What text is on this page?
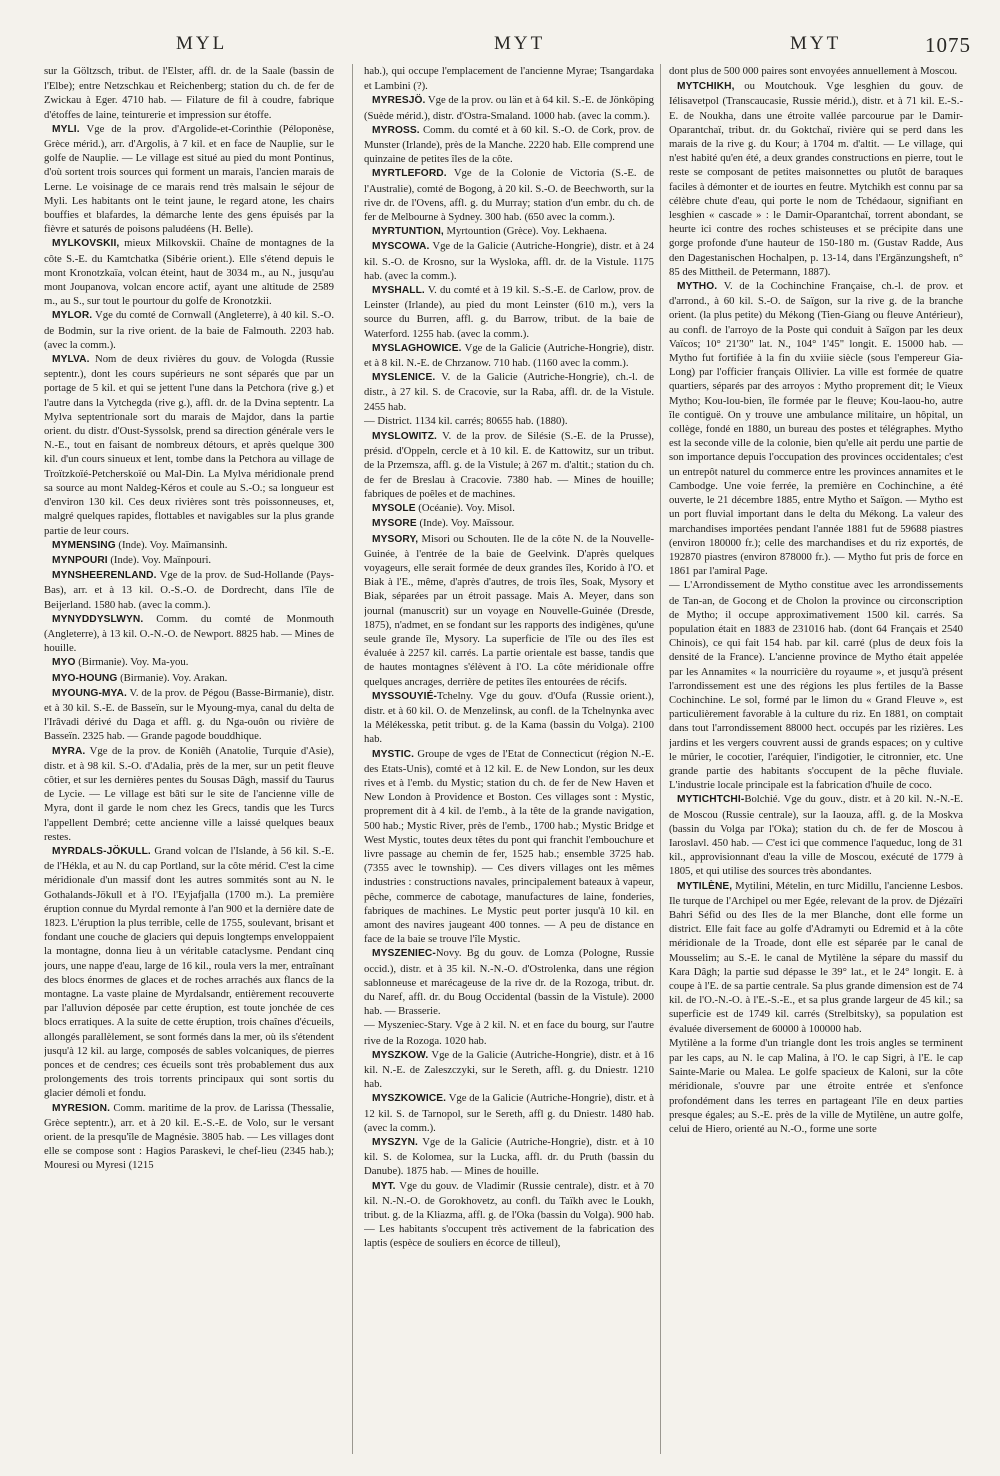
MYL	MYT	MYT	1075

sur la Göltzsch, tribut. de l'Elster, affl. dr. de la Saale (bassin de l'Elbe); entre Netzschkau et Reichenberg; station du ch. de fer de Zwickau à Eger. 4710 hab. — Filature de fil à coudre, fabrique d'étoffes de laine, teinturerie et impression sur étoffe.

MYLI. Vge de la prov. d'Argolide-et-Corinthie (Péloponèse, Grèce mérid.), arr. d'Argolis, à 7 kil. et en face de Nauplie, sur le golfe de Nauplie. — Le village est situé au pied du mont Pontinus, d'où sortent trois sources qui forment un marais, l'ancien marais de Lerne. Le voisinage de ce marais rend très malsain le séjour de Myli. Les habitants ont le teint jaune, le regard atone, les chairs bouffies et blafardes, la démarche lente des gens épuisés par la fièvre et saturés de poisons paludéens (H. Belle).

MYLKOVSKII, mieux Milkovskii. Chaîne de montagnes de la côte S.-E. du Kamtchatka (Sibérie orient.). Elle s'étend depuis le mont Kronotzkaïa, volcan éteint, haut de 3034 m., au N., jusqu'au mont Joupanova, volcan encore actif, ayant une altitude de 2589 m., au S., sur tout le pourtour du golfe de Kronotzkii.

MYLOR. Vge du comté de Cornwall (Angleterre), à 40 kil. S.-O. de Bodmin, sur la rive orient. de la baie de Falmouth. 2203 hab. (avec la comm.).

MYLVA. Nom de deux rivières du gouv. de Vologda (Russie septentr.), dont les cours supérieurs ne sont séparés que par un portage de 5 kil. et qui se jettent l'une dans la Petchora (rive g.) et l'autre dans la Vytchegda (rive g.), affl. dr. de la Dvina septentr. La Mylva septentrionale sort du marais de Majdor, dans la partie orient. du distr. d'Oust-Syssolsk, prend sa direction générale vers le N.-E., tout en faisant de nombreux détours, et après quelque 300 kil. d'un cours sinueux et lent, tombe dans la Petchora au village de Troïtzkoïé-Petcherskoïé ou Mal-Din. La Mylva méridionale prend sa source au mont Naldeg-Kéros et coule au S.-O.; sa longueur est d'environ 130 kil. Ces deux rivières sont très poissonneuses, et, malgré quelques rapides, flottables et navigables sur la plus grande partie de leur cours.

MYMENSING (Inde). Voy. Maïmansinh.

MYNPOURI (Inde). Voy. Maïnpouri.

MYNSHEERENLAND. Vge de la prov. de Sud-Hollande (Pays-Bas), arr. et à 13 kil. O.-S.-O. de Dordrecht, dans l'île de Beijerland. 1580 hab. (avec la comm.).

MYNYDDYSLWYN. Comm. du comté de Monmouth (Angleterre), à 13 kil. O.-N.-O. de Newport. 8825 hab. — Mines de houille.

MYO (Birmanie). Voy. Ma-you.

MYO-HOUNG (Birmanie). Voy. Arakan.

MYOUNG-MYA. V. de la prov. de Pégou (Basse-Birmanie), distr. et à 30 kil. S.-E. de Basseïn, sur le Myoung-mya, canal du delta de l'Irâvadi dérivé du Daga et affl. g. du Nga-ouôn ou rivière de Basseïn. 2325 hab. — Grande pagode bouddhique.

MYRA. Vge de la prov. de Koniêh (Anatolie, Turquie d'Asie), distr. et à 98 kil. S.-O. d'Adalia, près de la mer, sur un petit fleuve côtier, et sur les dernières pentes du Sousas Dâgh, massif du Taurus de Lycie. — Le village est bâti sur le site de l'ancienne ville de Myra, dont il garde le nom chez les Grecs, tandis que les Turcs l'appellent Dembré; cette ancienne ville a laissé quelques beaux restes.

MYRDALS-JÖKULL. Grand volcan de l'Islande, à 56 kil. S.-E. de l'Hékla, et au N. du cap Portland, sur la côte mérid. C'est la cime méridionale d'un massif dont les autres sommités sont au N. le Gothalands-Jökull et à l'O. l'Eyjafjalla (1700 m.). La première éruption connue du Myrdal remonte à l'an 900 et la dernière date de 1823. L'éruption la plus terrible, celle de 1755, soulevant, brisant et fondant une couche de glaciers qui depuis longtemps enveloppaient la montagne, donna lieu à un véritable cataclysme. Pendant cinq jours, une nappe d'eau, large de 16 kil., roula vers la mer, entraînant des blocs énormes de glaces et de roches arrachés aux flancs de la montagne. La vaste plaine de Myrdalsandr, entièrement recouverte par l'alluvion déposée par cette éruption, est toute jonchée de ces blocs erratiques. A la suite de cette éruption, trois chaînes d'écueils, allongés parallèlement, se sont formés dans la mer, où ils s'étendent jusqu'à 12 kil. au large, composés de sables volcaniques, de pierres ponces et de cendres; ces écueils sont très probablement dus aux prolongements des trois torrents principaux qui sont sortis du glacier démoli et fondu.

MYRESION. Comm. maritime de la prov. de Larissa (Thessalie, Grèce septentr.), arr. et à 20 kil. E.-S.-E. de Volo, sur le versant orient. de la presqu'île de Magnésie. 3805 hab. — Les villages dont elle se compose sont : Hagios Paraskevi, le chef-lieu (2345 hab.); Mouresi ou Myresi (1215

hab.), qui occupe l'emplacement de l'ancienne Myrae; Tsangardaka et Lambini (?).

MYRESJÖ. Vge de la prov. ou län et à 64 kil. S.-E. de Jönköping (Suède mérid.), distr. d'Ostra-Smaland. 1000 hab. (avec la comm.).

MYROSS. Comm. du comté et à 60 kil. S.-O. de Cork, prov. de Munster (Irlande), près de la Manche. 2220 hab. Elle comprend une quinzaine de petites îles de la côte.

MYRTLEFORD. Vge de la Colonie de Victoria (S.-E. de l'Australie), comté de Bogong, à 20 kil. S.-O. de Beechworth, sur la rive dr. de l'Ovens, affl. g. du Murray; station d'un embr. du ch. de fer de Melbourne à Sydney. 300 hab. (650 avec la comm.).

MYRTUNTION, Myrtountion (Grèce). Voy. Lekhaena.

MYSCOWA. Vge de la Galicie (Autriche-Hongrie), distr. et à 24 kil. S.-O. de Krosno, sur la Wysloka, affl. dr. de la Vistule. 1175 hab. (avec la comm.).

MYSHALL. V. du comté et à 19 kil. S.-S.-E. de Carlow, prov. de Leinster (Irlande), au pied du mont Leinster (610 m.), vers la source du Burren, affl. g. du Barrow, tribut. de la baie de Waterford. 1255 hab. (avec la comm.).

MYSLAGHOWICE. Vge de la Galicie (Autriche-Hongrie), distr. et à 8 kil. N.-E. de Chrzanow. 710 hab. (1160 avec la comm.).

MYSLENICE. V. de la Galicie (Autriche-Hongrie), ch.-l. de distr., à 27 kil. S. de Cracovie, sur la Raba, affl. dr. de la Vistule. 2455 hab.

— District. 1134 kil. carrés; 80655 hab. (1880).

MYSLOWITZ. V. de la prov. de Silésie (S.-E. de la Prusse), présid. d'Oppeln, cercle et à 10 kil. E. de Kattowitz, sur un tribut. de la Przemsza, affl. g. de la Vistule; à 267 m. d'altit.; station du ch. de fer de Breslau à Cracovie. 7380 hab. — Mines de houille; fabriques de poêles et de machines.

MYSOLE (Océanie). Voy. Misol.

MYSORE (Inde). Voy. Maïssour.

MYSORY, Misori ou Schouten. Ile de la côte N. de la Nouvelle-Guinée, à l'entrée de la baie de Geelvink. D'après quelques voyageurs, elle serait formée de deux grandes îles, Korido à l'O. et Biak à l'E., même, d'après d'autres, de trois îles, Soak, Mysory et Biak, séparées par un étroit passage. Mais A. Meyer, dans son journal (manuscrit) sur un voyage en Nouvelle-Guinée (Dresde, 1875), n'admet, en se fondant sur les rapports des indigènes, qu'une seule grande île, Mysory. La superficie de l'île ou des îles est évaluée à 2257 kil. carrés. La partie orientale est basse, tandis que de hautes montagnes s'élèvent à l'O. La côte méridionale offre quelques ancrages, derrière de petites îles entourées de récifs.

MYSSOUYIÉ-Tchelny. Vge du gouv. d'Oufa (Russie orient.), distr. et à 60 kil. O. de Menzelinsk, au confl. de la Tchelnynka avec la Mélékesska, petit tribut. g. de la Kama (bassin du Volga). 2100 hab.

MYSTIC. Groupe de vges de l'Etat de Connecticut (région N.-E. des Etats-Unis), comté et à 12 kil. E. de New London, sur les deux rives et à l'emb. du Mystic; station du ch. de fer de New Haven et New London à Providence et Boston. Ces villages sont : Mystic, proprement dit à 4 kil. de l'emb., à la tête de la grande navigation, 500 hab.; Mystic River, près de l'emb., 1700 hab.; Mystic Bridge et West Mystic, toutes deux têtes du pont qui franchit l'embouchure et livre passage au chemin de fer, 1525 hab.; ensemble 3725 hab. (7355 avec le township). — Ces divers villages ont les mêmes industries : constructions navales, principalement bateaux à vapeur, pêche, commerce de cabotage, manufactures de laine, fonderies, fabriques de machines. Le Mystic peut porter jusqu'à 10 kil. en amont des navires jaugeant 400 tonnes. — A peu de distance en face de la baie se trouve l'île Mystic.

MYSZENIEC-Novy. Bg du gouv. de Lomza (Pologne, Russie occid.), distr. et à 35 kil. N.-N.-O. d'Ostrolenka, dans une région sablonneuse et marécageuse de la rive dr. de la Rozoga, tribut. dr. du Naref, affl. dr. du Boug Occidental (bassin de la Vistule). 2000 hab. — Brasserie.

— Myszeniec-Stary. Vge à 2 kil. N. et en face du bourg, sur l'autre rive de la Rozoga. 1020 hab.

MYSZKOW. Vge de la Galicie (Autriche-Hongrie), distr. et à 16 kil. N.-E. de Zaleszczyki, sur le Sereth, affl. g. du Dniestr. 1210 hab.

MYSZKOWICE. Vge de la Galicie (Autriche-Hongrie), distr. et à 12 kil. S. de Tarnopol, sur le Sereth, affl g. du Dniestr. 1480 hab. (avec la comm.).

MYSZYN. Vge de la Galicie (Autriche-Hongrie), distr. et à 10 kil. S. de Kolomea, sur la Lucka, affl. dr. du Pruth (bassin du Danube). 1875 hab. — Mines de houille.

MYT. Vge du gouv. de Vladimir (Russie centrale), distr. et à 70 kil. N.-N.-O. de Gorokhovetz, au confl. du Taïkh avec le Loukh, tribut. g. de la Kliazma, affl. g. de l'Oka (bassin du Volga). 900 hab. — Les habitants s'occupent très activement de la fabrication des laptis (espèce de souliers en écorce de tilleul),

dont plus de 500 000 paires sont envoyées annuellement à Moscou.

MYTCHIKH, ou Moutchouk. Vge lesghien du gouv. de Iélisavetpol (Transcaucasie, Russie mérid.), distr. et à 71 kil. E.-S.-E. de Noukha, dans une étroite vallée parcourue par le Damir-Oparantchaï, tribut. dr. du Goktchaï, rivière qui se perd dans les marais de la rive g. du Kour; à 1704 m. d'altit. — Le village, qui n'est habité qu'en été, a deux grandes constructions en pierre, tout le reste se composant de petites maisonnettes ou plutôt de baraques faciles à démonter et de iourtes en feutre. Mytchikh est connu par sa célèbre chute d'eau, qui porte le nom de Tchédaour, signifiant en lesghien « cascade » : le Damir-Oparantchaï, torrent abondant, se heurte ici contre des roches schisteuses et se précipite dans une gorge profonde d'une hauteur de 150-180 m. (Gustav Radde, Aus den Dagestanischen Hochalpen, p. 13-14, dans l'Ergänzungsheft, n° 85 des Mittheil. de Petermann, 1887).

MYTHO. V. de la Cochinchine Française, ch.-l. de prov. et d'arrond., à 60 kil. S.-O. de Saïgon, sur la rive g. de la branche orient. (la plus petite) du Mékong (Tien-Giang ou fleuve Antérieur), au confl. de l'arroyo de la Poste qui conduit à Saïgon par les deux Vaïcos; 10° 21'30" lat. N., 104° 1'45" longit. E. 15000 hab. — Mytho fut fortifiée à la fin du xviiie siècle (sous l'empereur Gia-Long) par l'officier français Ollivier. La ville est formée de quatre quartiers, séparés par des arroyos : Mytho proprement dit; le Vieux Mytho; Kou-lou-bien, île formée par le fleuve; Kou-laou-ho, autre île contiguë. On y trouve une ambulance militaire, un hôpital, un collège, fondé en 1880, un bureau des postes et télégraphes. Mytho est la seconde ville de la colonie, bien qu'elle ait perdu une partie de son importance depuis l'occupation des provinces occidentales; c'est un entrepôt naturel du commerce entre les provinces annamites et le Cambodge. Une voie ferrée, la première en Cochinchine, a été ouverte, le 21 décembre 1885, entre Mytho et Saïgon. — Mytho est un port fluvial important dans le delta du Mékong. La valeur des marchandises importées pendant l'année 1881 fut de 59688 piastres (environ 180000 fr.); celle des marchandises et du riz exportés, de 192870 piastres (environ 878000 fr.). — Mytho fut pris de force en 1861 par l'amiral Page.

— L'Arrondissement de Mytho constitue avec les arrondissements de Tan-an, de Gocong et de Cholon la province ou circonscription de Mytho; il occupe approximativement 1500 kil. carrés. Sa population était en 1883 de 231016 hab. (dont 64 Français et 2540 Chinois), ce qui fait 154 hab. par kil. carré (plus de deux fois la densité de la France). L'ancienne province de Mytho était appelée par les Annamites « la nourricière du royaume », et jusqu'à présent l'arrondissement est une des régions les plus fertiles de la Basse Cochinchine. Le sol, formé par le limon du « Grand Fleuve », est particulièrement favorable à la culture du riz. En 1881, on comptait dans tout l'arrondissement 88000 hect. occupés par les rizières. Les jardins et les vergers couvrent aussi de grands espaces; on y cultive le mûrier, le cocotier, l'aréquier, l'indigotier, le citronnier, etc. Une grande partie des habitants s'occupent de la pêche fluviale. L'industrie locale principale est la fabrication d'huile de coco.

MYTICHTCHI-Bolchié. Vge du gouv., distr. et à 20 kil. N.-N.-E. de Moscou (Russie centrale), sur la Iaouza, affl. g. de la Moskva (bassin du Volga par l'Oka); station du ch. de fer de Moscou à Iaroslavl. 450 hab. — C'est ici que commence l'aqueduc, long de 31 kil., approvisionnant d'eau la ville de Moscou, exécuté de 1779 à 1805, et qui utilise des sources très abondantes.

MYTILÈNE, Mytilini, Mételin, en turc Midillu, l'ancienne Lesbos. Ile turque de l'Archipel ou mer Egée, relevant de la prov. de Djézaïri Bahri Séfid ou des Iles de la mer Blanche, dont elle forme un district. Elle fait face au golfe d'Adramyti ou Edremid et à la côte méridionale de la Troade, dont elle est séparée par le canal de Mousselim; au S.-E. le canal de Mytilène la sépare du massif du Kara Dâgh; la partie sud dépasse le 39° lat., et le 24° longit. E. à coupe à l'E. de sa partie centrale. Sa plus grande dimension est de 74 kil. de l'O.-N.-O. à l'E.-S.-E., et sa plus grande largeur de 45 kil.; sa superficie est de 1749 kil. carrés (Strelbitsky), sa population est évaluée diversement de 60000 à 100000 hab.

Mytilène a la forme d'un triangle dont les trois angles se terminent par les caps, au N. le cap Malina, à l'O. le cap Sigri, à l'E. le cap Sainte-Marie ou Malea. Le golfe spacieux de Kaloni, sur la côte méridionale, s'ouvre par une étroite entrée et s'enfonce profondément dans les terres en partageant l'île en deux parties presque égales; au S.-E. près de la ville de Mytilène, un autre golfe, celui de Hiero, orienté au N.-O., forme une sorte
